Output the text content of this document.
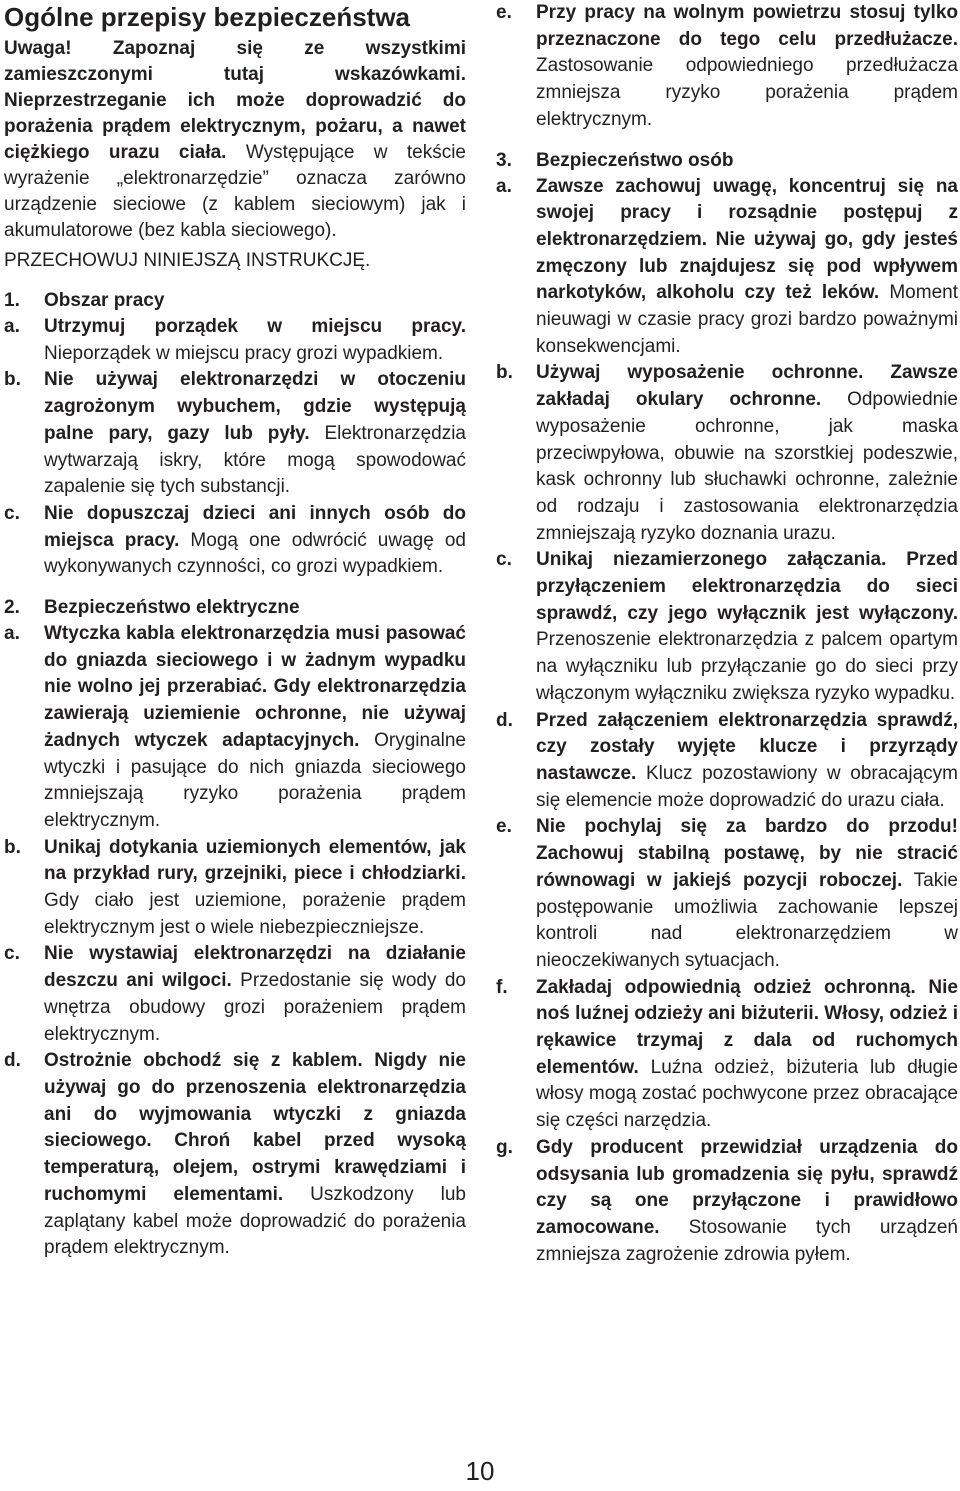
Ogólne przepisy bezpieczeństwa
Uwaga! Zapoznaj się ze wszystkimi zamieszczonymi tutaj wskazówkami. Nieprzestrzeganie ich może doprowadzić do porażenia prądem elektrycznym, pożaru, a nawet ciężkiego urazu ciała. Występujące w tekście wyrażenie „elektronarzędzie” oznacza zarówno urządzenie sieciowe (z kablem sieciowym) jak i akumulatorowe (bez kabla sieciowego).
PRZECHOWUJ NINIEJSZĄ INSTRUKCJĘ.
1.	Obszar pracy
a.	Utrzymuj porządek w miejscu pracy. Nieporządek w miejscu pracy grozi wypadkiem.
b.	Nie używaj elektronarzędzi w otoczeniu zagrożonym wybuchem, gdzie występują palne pary, gazy lub pyły. Elektronarzędzia wytwarzają iskry, które mogą spowodować zapalenie się tych substancji.
c.	Nie dopuszczaj dzieci ani innych osób do miejsca pracy. Mogą one odwrócić uwagę od wykonywanych czynności, co grozi wypadkiem.
2.	Bezpieczeństwo elektryczne
a.	Wtyczka kabla elektronarzędzia musi pasować do gniazda sieciowego i w żadnym wypadku nie wolno jej przerabiać. Gdy elektronarzędzia zawierają uziemienie ochronne, nie używaj żadnych wtyczek adaptacyjnych. Oryginalne wtyczki i pasujące do nich gniazda sieciowego zmniejszają ryzyko porażenia prądem elektrycznym.
b.	Unikaj dotykania uziemionych elementów, jak na przykład rury, grzejniki, piece i chłodziarki. Gdy ciało jest uziemione, porażenie prądem elektrycznym jest o wiele niebezpieczniejsze.
c.	Nie wystawiaj elektronarzędzi na działanie deszczu ani wilgoci. Przedostanie się wody do wnętrza obudowy grozi porażeniem prądem elektrycznym.
d.	Ostrożnie obchodź się z kablem. Nigdy nie używaj go do przenoszenia elektronarzędzia ani do wyjmowania wtyczki z gniazda sieciowego. Chroń kabel przed wysoką temperaturą, olejem, ostrymi krawędziami i ruchomymi elementami. Uszkodzony lub zaplątany kabel może doprowadzić do porażenia prądem elektrycznym.
e.	Przy pracy na wolnym powietrzu stosuj tylko przeznaczone do tego celu przedłużacze. Zastosowanie odpowiedniego przedłużacza zmniejsza ryzyko porażenia prądem elektrycznym.
3.	Bezpieczeństwo osób
a.	Zawsze zachowuj uwagę, koncentruj się na swojej pracy i rozsądnie postępuj z elektronarzędziem. Nie używaj go, gdy jesteś zmęczony lub znajdujesz się pod wpływem narkotyków, alkoholu czy też leków. Moment nieuwagi w czasie pracy grozi bardzo poważnymi konsekwencjami.
b.	Używaj wyposażenie ochronne. Zawsze zakładaj okulary ochronne. Odpowiednie wyposażenie ochronne, jak maska przeciwpyłowa, obuwie na szorstkiej podeszwie, kask ochronny lub słuchawki ochronne, zależnie od rodzaju i zastosowania elektronarzędzia zmniejszają ryzyko doznania urazu.
c.	Unikaj niezamierzonego załączania. Przed przyłączeniem elektronarzędzia do sieci sprawdź, czy jego wyłącznik jest wyłączony. Przenoszenie elektronarzędzia z palcem opartym na wyłączniku lub przyłączanie go do sieci przy włączonym wyłączniku zwiększa ryzyko wypadku.
d.	Przed załączeniem elektronarzędzia sprawdź, czy zostały wyjęte klucze i przyrządy nastawcze. Klucz pozostawiony w obracającym się elemencie może doprowadzić do urazu ciała.
e.	Nie pochylaj się za bardzo do przodu! Zachowuj stabilną postawę, by nie stracić równowagi w jakiejś pozycji roboczej. Takie postępowanie umożliwia zachowanie lepszej kontroli nad elektronarzędziem w nieoczekiwanych sytuacjach.
f.	Zakładaj odpowiednią odzież ochronną. Nie noś luźnej odzieży ani biżuterii. Włosy, odzież i rękawice trzymaj z dala od ruchomych elementów. Luźna odzież, biżuteria lub długie włosy mogą zostać pochwycone przez obracające się części narzędzia.
g.	Gdy producent przewidział urządzenia do odsysania lub gromadzenia się pyłu, sprawdź czy są one przyłączone i prawidłowo zamocowane. Stosowanie tych urządzeń zmniejsza zagrożenie zdrowia pyłem.
10
